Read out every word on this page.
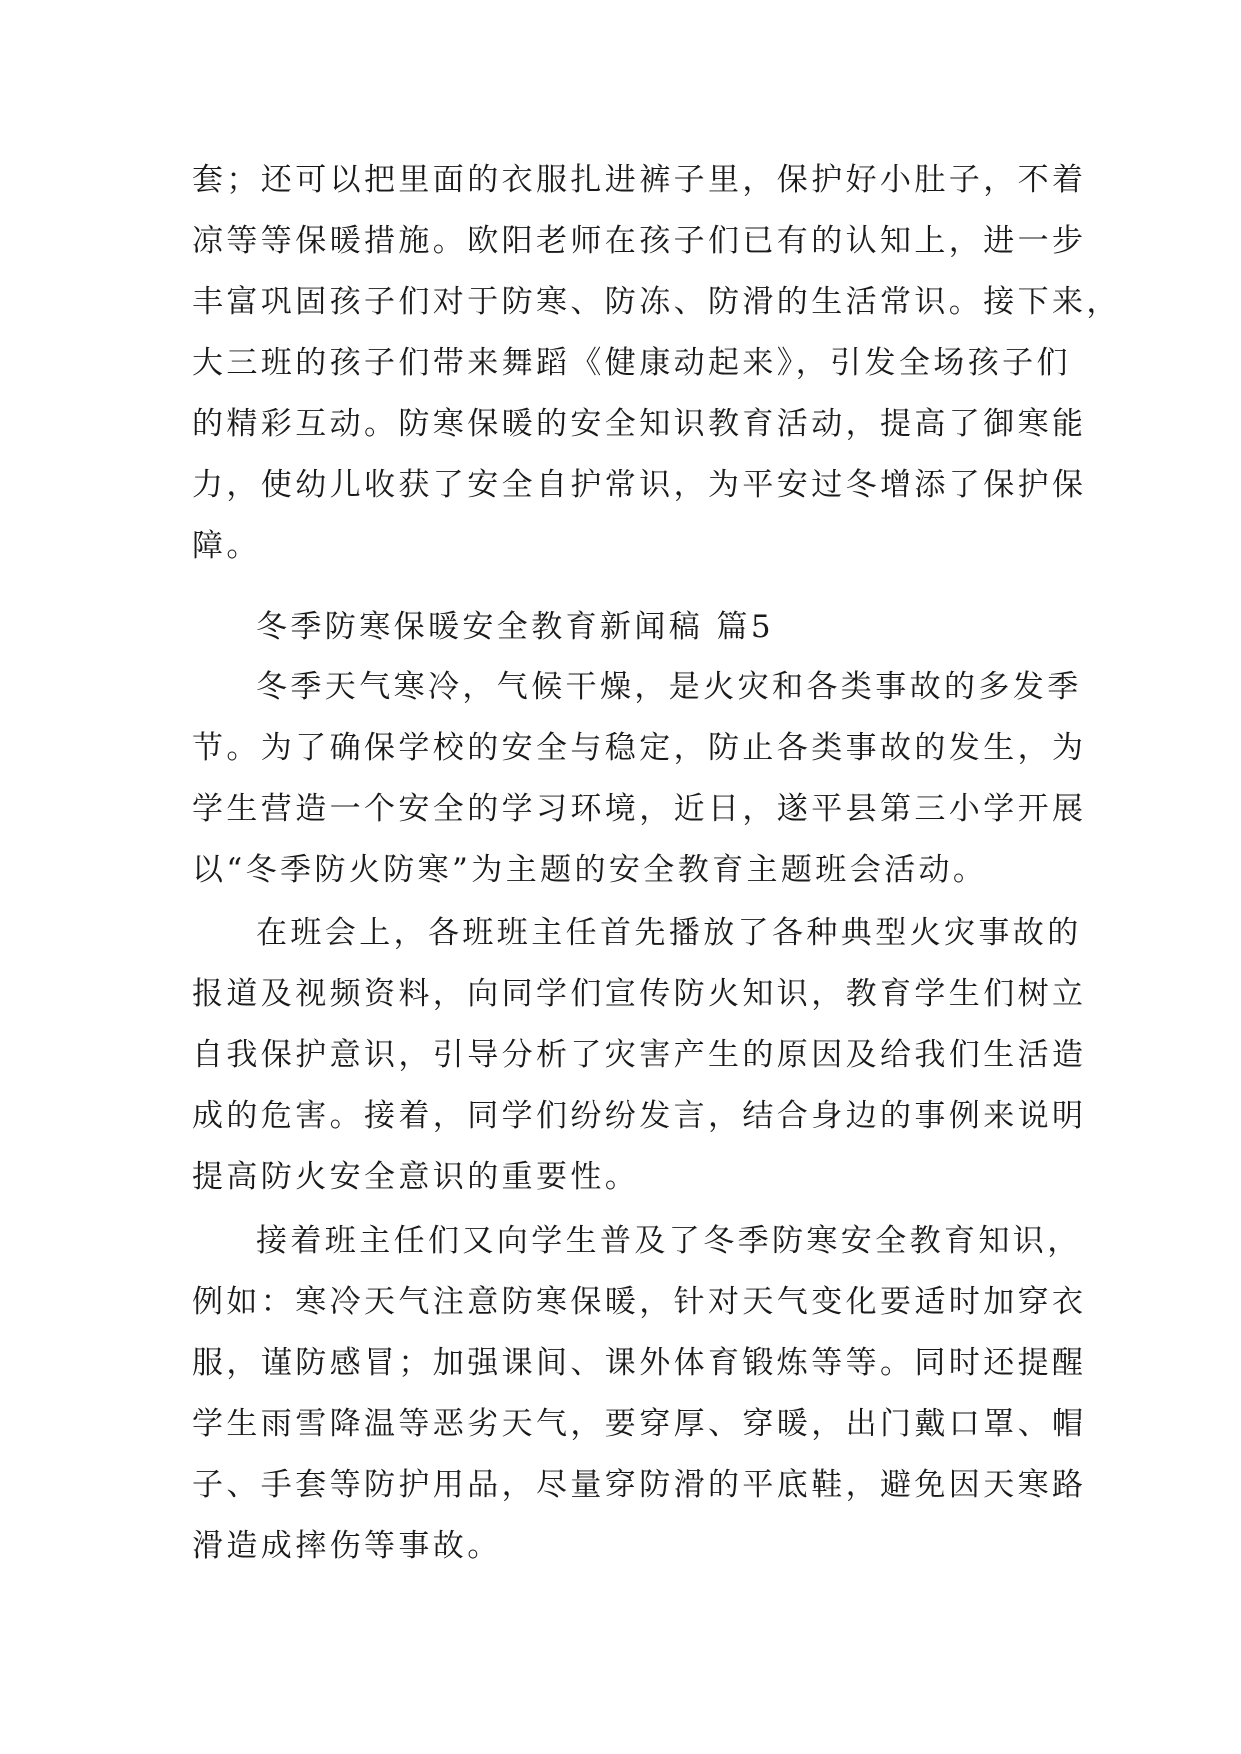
套；还可以把里面的衣服扎进裤子里，保护好小肚子，不着
凉等等保暖措施。欧阳老师在孩子们已有的认知上，进一步
丰富巩固孩子们对于防寒、防冻、防滑的生活常识。接下来，
大三班的孩子们带来舞蹈《健康动起来》，引发全场孩子们
的精彩互动。防寒保暖的安全知识教育活动，提高了御寒能
力，使幼儿收获了安全自护常识，为平安过冬增添了保护保
障。
冬季防寒保暖安全教育新闻稿 篇5
冬季天气寒冷，气候干燥，是火灾和各类事故的多发季
节。为了确保学校的安全与稳定，防止各类事故的发生，为
学生营造一个安全的学习环境，近日，遂平县第三小学开展
以“冬季防火防寒”为主题的安全教育主题班会活动。
在班会上，各班班主任首先播放了各种典型火灾事故的
报道及视频资料，向同学们宣传防火知识，教育学生们树立
自我保护意识，引导分析了灾害产生的原因及给我们生活造
成的危害。接着，同学们纷纷发言，结合身边的事例来说明
提高防火安全意识的重要性。
接着班主任们又向学生普及了冬季防寒安全教育知识，
例如：寒冷天气注意防寒保暖，针对天气变化要适时加穿衣
服，谨防感冒；加强课间、课外体育锻炼等等。同时还提醒
学生雨雪降温等恶劣天气，要穿厚、穿暖，出门戴口罩、帽
子、手套等防护用品，尽量穿防滑的平底鞋，避免因天寒路
滑造成摔伤等事故。
